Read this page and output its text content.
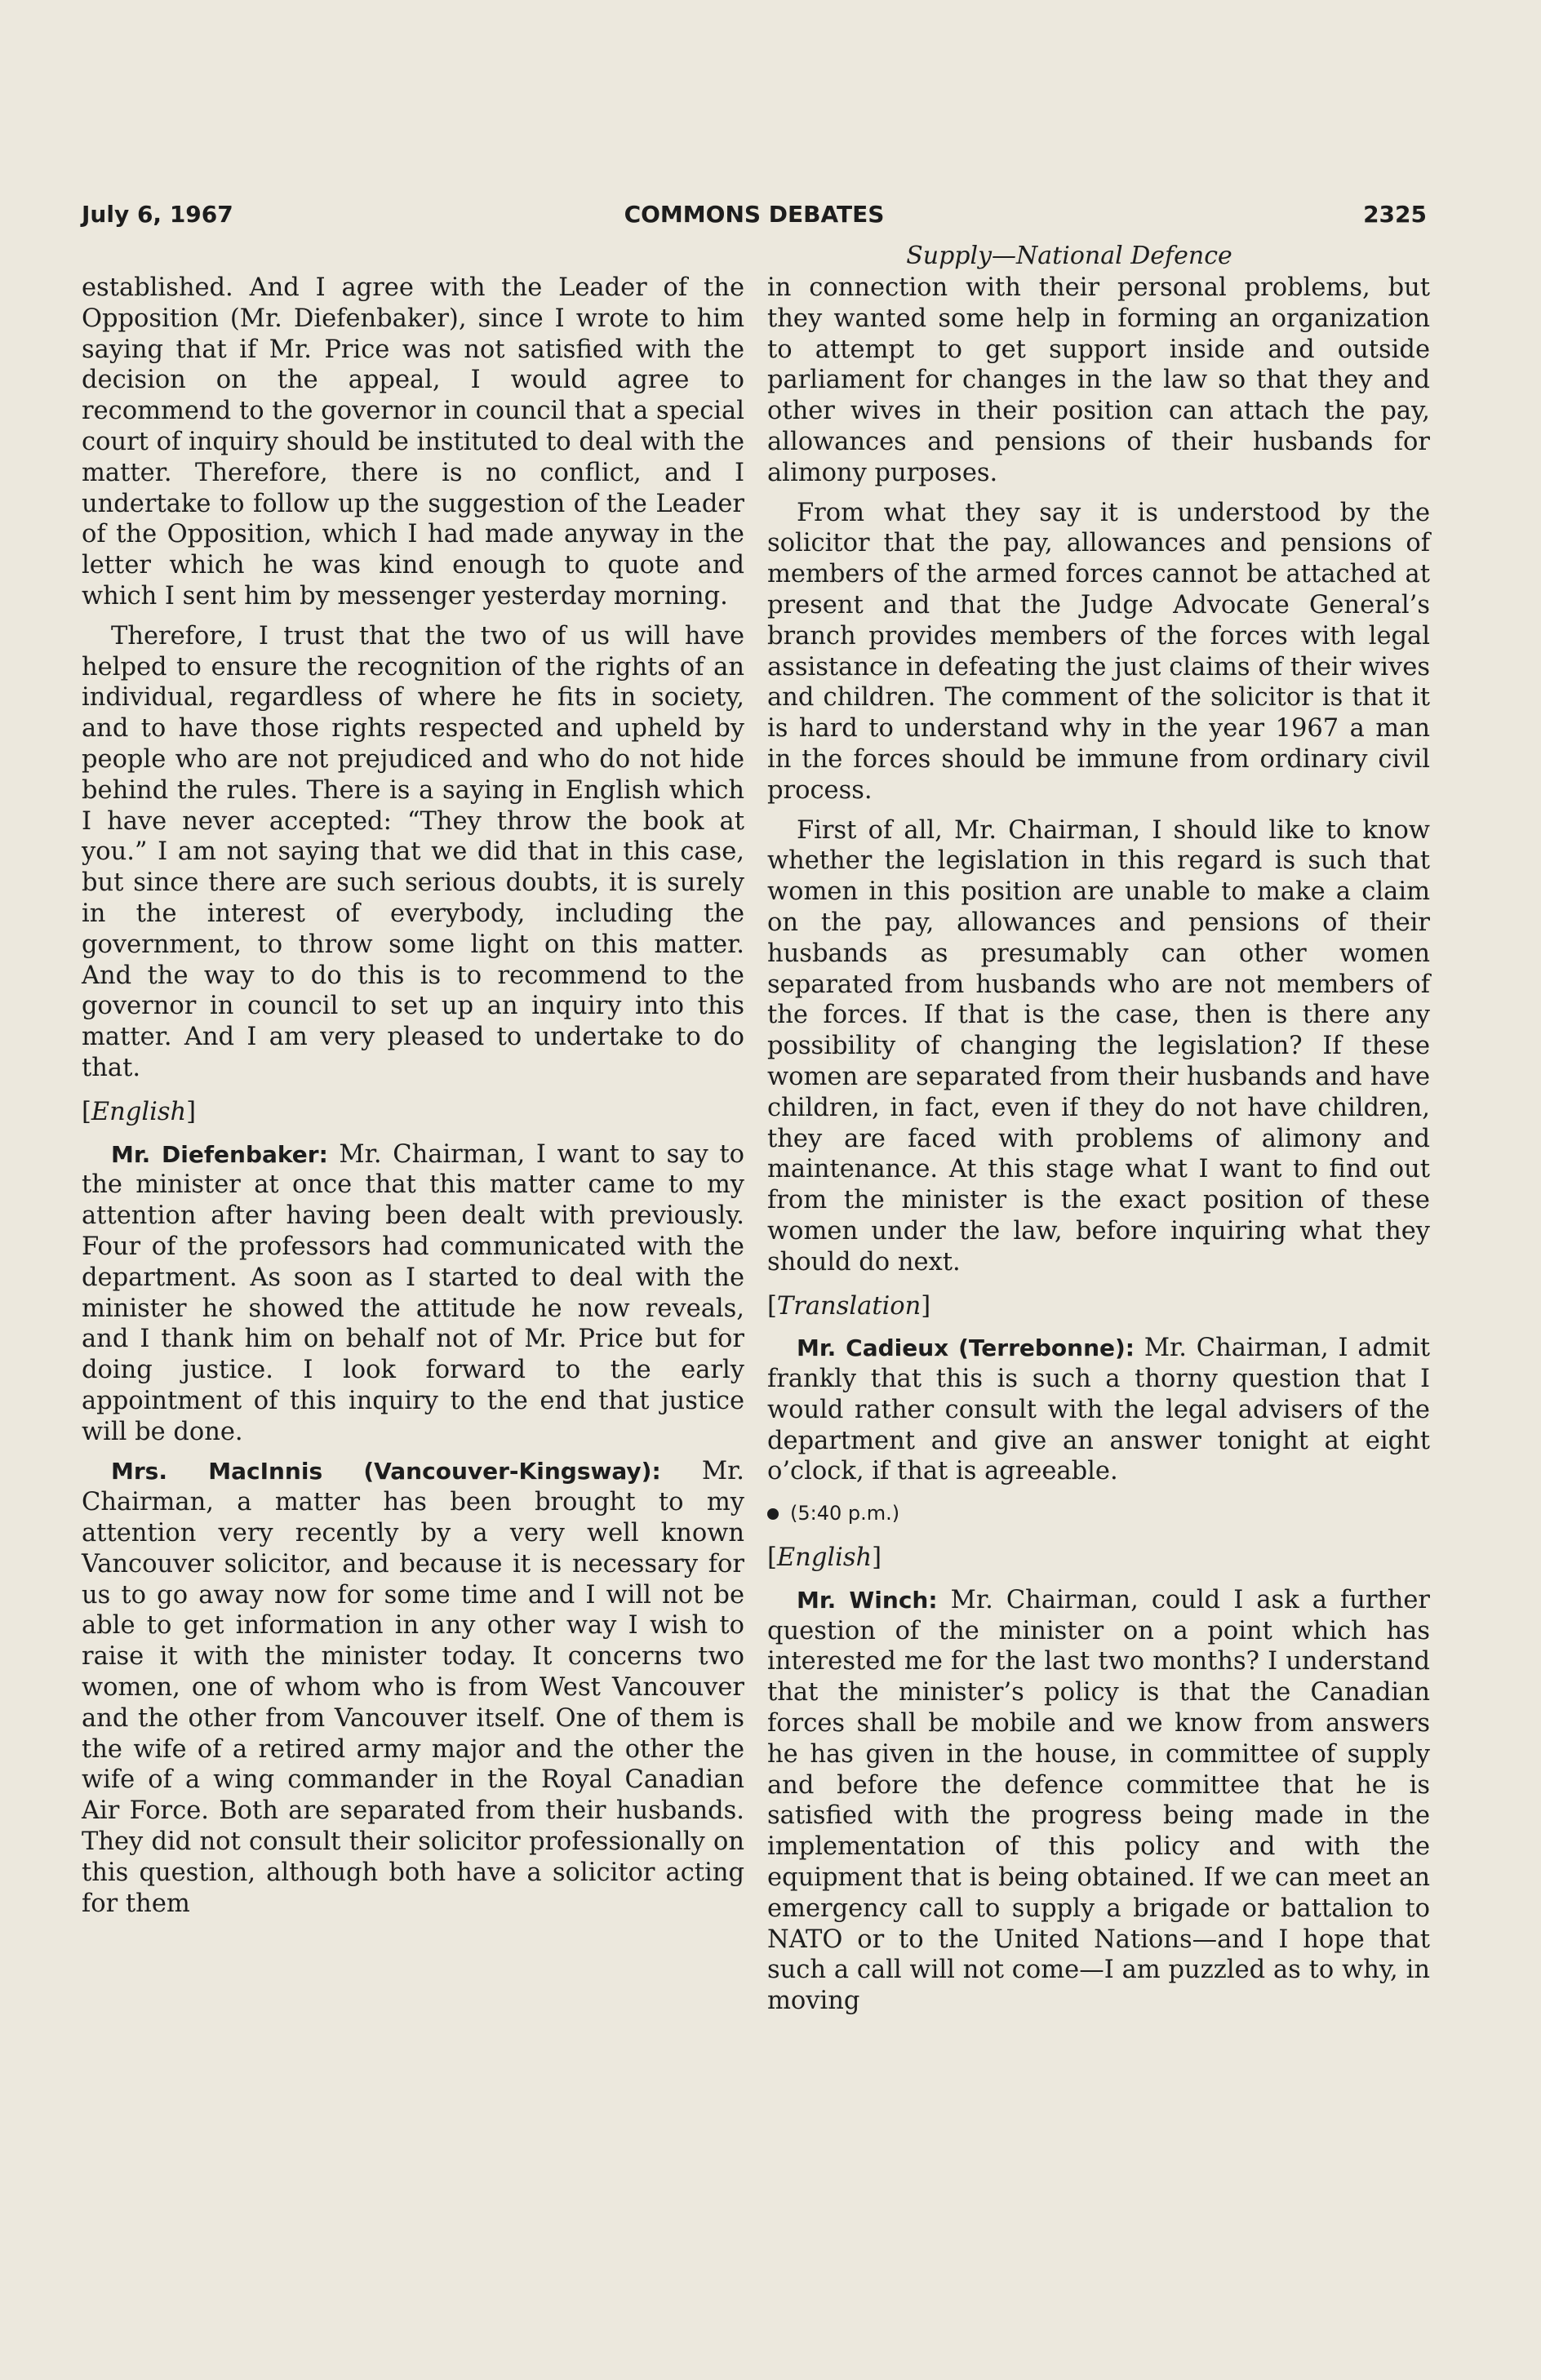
July 6, 1967	COMMONS DEBATES	2325
Supply—National Defence

established. And I agree with the Leader of the Opposition (Mr. Diefenbaker), since I wrote to him saying that if Mr. Price was not satisfied with the decision on the appeal, I would agree to recommend to the governor in council that a special court of inquiry should be instituted to deal with the matter. Therefore, there is no conflict, and I undertake to follow up the suggestion of the Leader of the Opposition, which I had made anyway in the letter which he was kind enough to quote and which I sent him by messenger yesterday morning.

Therefore, I trust that the two of us will have helped to ensure the recognition of the rights of an individual, regardless of where he fits in society, and to have those rights respected and upheld by people who are not prejudiced and who do not hide behind the rules. There is a saying in English which I have never accepted: “They throw the book at you.” I am not saying that we did that in this case, but since there are such serious doubts, it is surely in the interest of everybody, including the government, to throw some light on this matter. And the way to do this is to recommend to the governor in council to set up an inquiry into this matter. And I am very pleased to undertake to do that.

[English]

Mr. Diefenbaker: Mr. Chairman, I want to say to the minister at once that this matter came to my attention after having been dealt with previously. Four of the professors had communicated with the department. As soon as I started to deal with the minister he showed the attitude he now reveals, and I thank him on behalf not of Mr. Price but for doing justice. I look forward to the early appointment of this inquiry to the end that justice will be done.

Mrs. MacInnis (Vancouver-Kingsway): Mr. Chairman, a matter has been brought to my attention very recently by a very well known Vancouver solicitor, and because it is necessary for us to go away now for some time and I will not be able to get information in any other way I wish to raise it with the minister today. It concerns two women, one of whom who is from West Vancouver and the other from Vancouver itself. One of them is the wife of a retired army major and the other the wife of a wing commander in the Royal Canadian Air Force. Both are separated from their husbands. They did not consult their solicitor professionally on this question, although both have a solicitor acting for them

in connection with their personal problems, but they wanted some help in forming an organization to attempt to get support inside and outside parliament for changes in the law so that they and other wives in their position can attach the pay, allowances and pensions of their husbands for alimony purposes.

From what they say it is understood by the solicitor that the pay, allowances and pensions of members of the armed forces cannot be attached at present and that the Judge Advocate General’s branch provides members of the forces with legal assistance in defeating the just claims of their wives and children. The comment of the solicitor is that it is hard to understand why in the year 1967 a man in the forces should be immune from ordinary civil process.

First of all, Mr. Chairman, I should like to know whether the legislation in this regard is such that women in this position are unable to make a claim on the pay, allowances and pensions of their husbands as presumably can other women separated from husbands who are not members of the forces. If that is the case, then is there any possibility of changing the legislation? If these women are separated from their husbands and have children, in fact, even if they do not have children, they are faced with problems of alimony and maintenance. At this stage what I want to find out from the minister is the exact position of these women under the law, before inquiring what they should do next.

[Translation]

Mr. Cadieux (Terrebonne): Mr. Chairman, I admit frankly that this is such a thorny question that I would rather consult with the legal advisers of the department and give an answer tonight at eight o’clock, if that is agreeable.

(5:40 p.m.)

[English]

Mr. Winch: Mr. Chairman, could I ask a further question of the minister on a point which has interested me for the last two months? I understand that the minister’s policy is that the Canadian forces shall be mobile and we know from answers he has given in the house, in committee of supply and before the defence committee that he is satisfied with the progress being made in the implementation of this policy and with the equipment that is being obtained. If we can meet an emergency call to supply a brigade or battalion to NATO or to the United Nations—and I hope that such a call will not come—I am puzzled as to why, in moving
